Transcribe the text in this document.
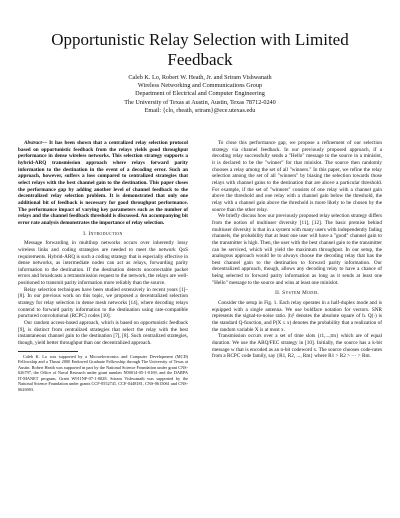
Opportunistic Relay Selection with Limited Feedback
Caleb K. Lo, Robert W. Heath, Jr. and Sriram Vishwanath
Wireless Networking and Communications Group
Department of Electrical and Computer Engineering
The University of Texas at Austin, Austin, Texas 78712-0240
Email: {clo, rheath, sriram}@ece.utexas.edu

Abstract— It has been shown that a centralized relay selection protocol based on opportunistic feedback from the relays yields good throughput performance in dense wireless networks. This selection strategy supports a hybrid-ARQ transmission approach where relays forward parity information to the destination in the event of a decoding error. Such an approach, however, suffers a loss compared to centralized strategies that select relays with the best channel gain to the destination. This paper closes the performance gap by adding another level of channel feedback to the decentralized relay selection problem. It is demonstrated that only one additional bit of feedback is necessary for good throughput performance. The performance impact of varying key parameters such as the number of relays and the channel feedback threshold is discussed. An accompanying bit error rate analysis demonstrates the importance of relay selection.

I. Introduction

Message forwarding in multihop networks occurs over inherently lossy wireless links and coding strategies are needed to meet the network QoS requirements. Hybrid-ARQ is such a coding strategy that is especially effective in dense networks, as intermediate nodes can act as relays, forwarding parity information to the destination. If the destination detects uncorrectable packet errors and broadcasts a retransmission request to the network, the relays are well-positioned to transmit parity information more reliably than the source.

Relay selection techniques have been studied extensively in recent years [1]–[8]. In our previous work on this topic, we proposed a decentralized selection strategy for relay selection in dense mesh networks [14], where decoding relays contend to forward parity information to the destination using rate-compatible punctured convolutional (RCPC) codes [10].

Our random access-based approach, which is based on opportunistic feedback [9], is distinct from centralized strategies that select the relay with the best instantaneous channel gain to the destination [7], [8]. Such centralized strategies, though, yield better throughput than our decentralized approach.

Caleb K. Lo was supported by a Microelectronics and Computer Development (MCD) Fellowship and a Thrust 2000 Endowed Graduate Fellowship through The University of Texas at Austin. Robert Heath was supported in part by the National Science Foundation under grant CNS-626797, the Office of Naval Research under grant number N00014-05-1-0169, and the DARPA IT-MANET program, Grant W911NF-07-1-0028. Sriram Vishwanath was supported by the National Science Foundation under grants CCF-0552741, CCF-0448181, CNS-0615061 and CNS-0626903.

To close this performance gap, we propose a refinement of our selection strategy via channel feedback. In our previously proposed approach, if a decoding relay successfully sends a "Hello" message to the source in a minislot, it is declared to be the "winner" for that minislot. The source then randomly chooses a relay among the set of all "winners." In this paper, we refine the relay selection among the set of all "winners" by biasing the selection towards those relays with channel gains to the destination that are above a particular threshold. For example, if the set of "winners" consists of one relay with a channel gain above the threshold and one relay with a channel gain below the threshold, the relay with a channel gain above the threshold is more likely to be chosen by the source than the other relay.

We briefly discuss how our previously proposed relay selection strategy differs from the notion of multiuser diversity [11], [12]. The basic premise behind multiuser diversity is that in a system with many users with independently fading channels, the probability that at least one user will have a "good" channel gain to the transmitter is high. Then, the user with the best channel gain to the transmitter can be serviced, which will yield the maximum throughput. In our setup, the analogous approach would be to always choose the decoding relay that has the best channel gain to the destination to forward parity information. Our decentralized approach, though, allows any decoding relay to have a chance of being selected to forward parity information as long as it sends at least one "Hello" message to the source and wins at least one minislot.

II. System Model

Consider the setup in Fig. 1. Each relay operates in a half-duplex mode and is equipped with a single antenna. We use boldface notation for vectors. SNR represents the signal-to-noise ratio. |h|² denotes the absolute square of h. Q(·) is the standard Q-function, and P(X ≤ x) denotes the probability that a realization of the random variable X is at most x.

Transmission occurs over a set of time slots {t1,...,tm} which are of equal duration. We use the ARQ/FEC strategy in [10]. Initially, the source has a k-bit message w that is encoded as an n-bit codeword x. The source chooses code-rates from a RCPC code family, say {R1, R2, ..., Rm} where R1 > R2 > ··· > Rm.
